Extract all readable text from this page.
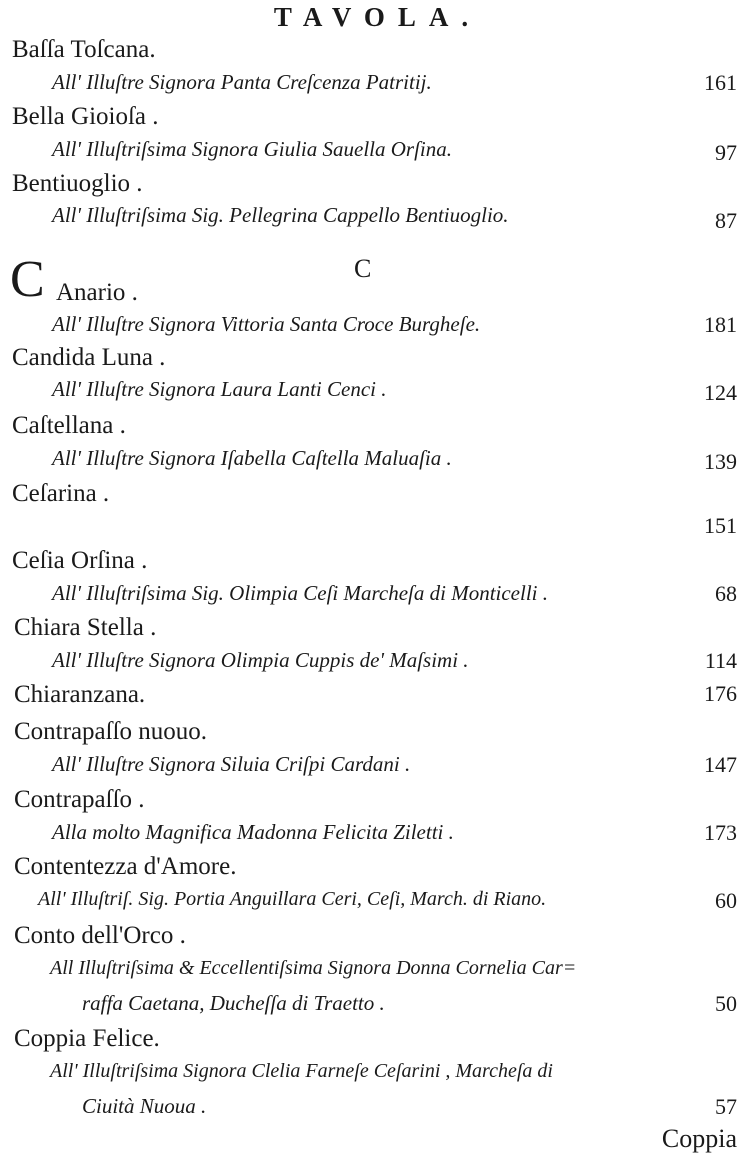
TAVOLA.
Baſſa Toſcana.
All' Illuſtre Signora Panta Creſcenza Patritij.	161
Bella Gioioſa .
All' Illuſtriſsima Signora Giulia Sauella Orſina.	97
Bentiuoglio .
All' Illuſtriſsima Sig. Pellegrina Cappello Bentiuoglio.	87
C	C
Anario .
All' Illuſtre Signora Vittoria Santa Croce Burgheſe.	181
Candida Luna .
All' Illuſtre Signora Laura Lanti Cenci .	124
Caſtellana .
All' Illuſtre Signora Iſabella Caſtella Maluaſia .	139
Ceſarina .
151
Ceſia Orſina .
All' Illuſtriſsima Sig. Olimpia Ceſi Marcheſa di Monticelli .	68
Chiara Stella .
All' Illuſtre Signora Olimpia Cuppis de' Maſsimi .	114
Chiaranzana.	176
Contrapaſſo nuouo.
All' Illuſtre Signora Siluia Criſpi Cardani .	147
Contrapaſſo .
Alla molto Magnifica Madonna Felicita Ziletti .	173
Contentezza d'Amore.
All' Illuſtriſ. Sig. Portia Anguillara Ceri, Ceſi, March. di Riano.	60
Conto dell'Orco .
All Illuſtriſsima & Eccellentiſsima Signora Donna Cornelia Car=
raffa Caetana, Ducheſſa di Traetto .	50
Coppia Felice.
All' Illuſtriſsima Signora Clelia Farneſe Ceſarini , Marcheſa di
Ciuità Nuoua .	57
Coppia
